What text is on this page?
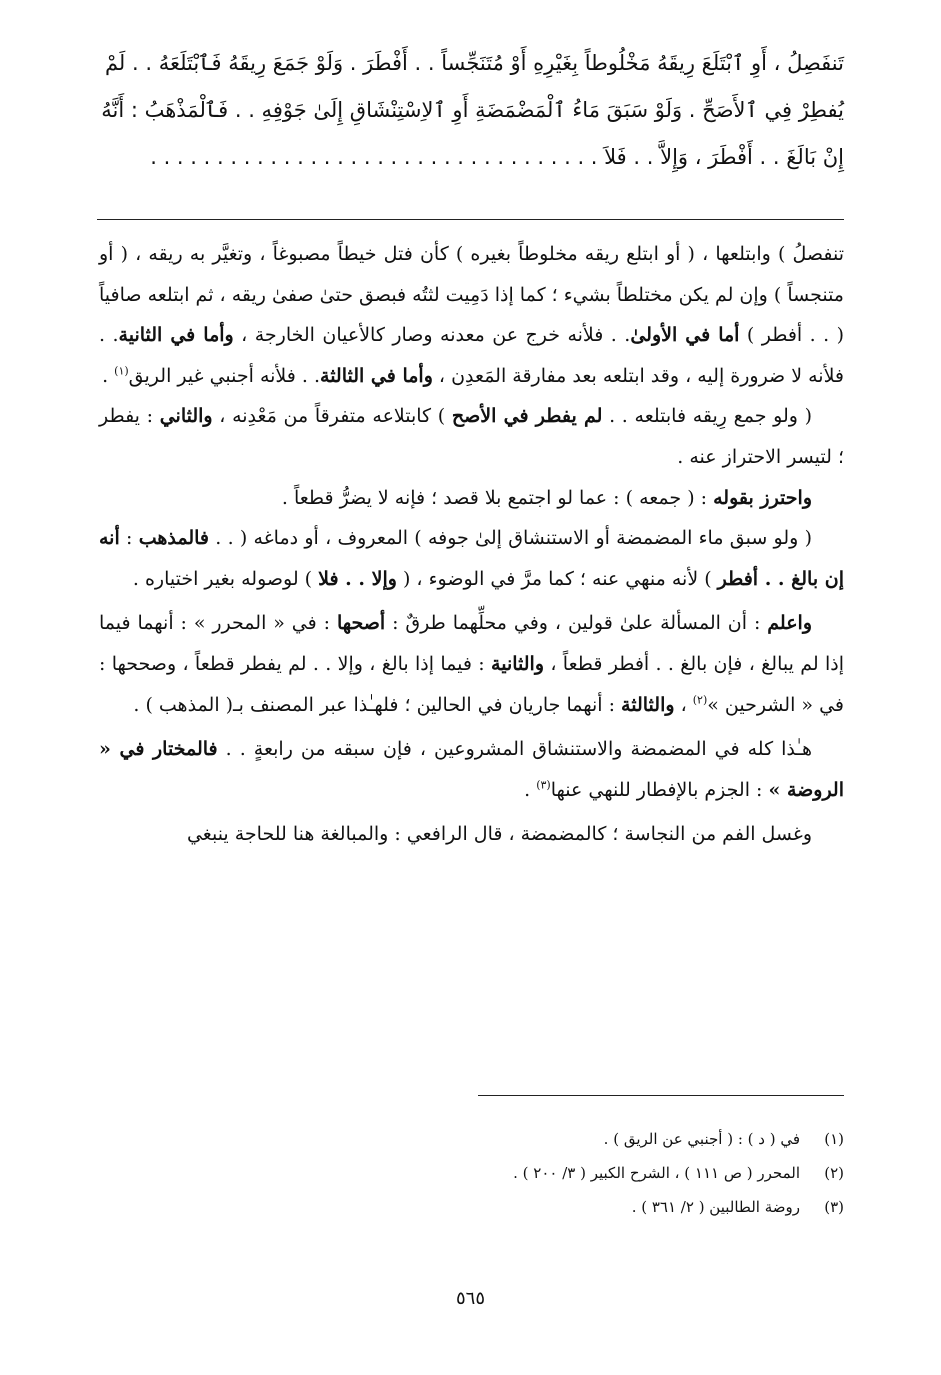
تَنفَصِلُ ، أَوِ ٱبْتَلَعَ رِيقَهُ مَخْلُوطاً بِغَيْرِهِ أَوْ مُتَنَجِّساً . . أَفْطَرَ . وَلَوْ جَمَعَ رِيقَهُ فَٱبْتَلَعَهُ . . لَمْ

يُفطِرْ فِي ٱلأَصَحِّ . وَلَوْ سَبَقَ مَاءُ ٱلْمَضْمَضَةِ أَوِ ٱلاِسْتِنْشَاقِ إِلَىٰ جَوْفِهِ . . فَٱلْمَذْهَبُ : أَنَّهُ

إِنْ بَالَغَ . . أَفْطَرَ ، وَإِلاَّ . . فَلاَ . . . . . . . . . . . . . . . . . . . . . . . . . . . . . . . . . .

تنفصلُ ) وابتلعها ، ( أو ابتلع ريقه مخلوطاً بغيره ) كأن فتل خيطاً مصبوغاً ، وتغيَّر به ريقه ، ( أو متنجساً ) وإن لم يكن مختلطاً بشيء ؛ كما إذا دَمِيت لثتُه فبصق حتىٰ صفىٰ ريقه ، ثم ابتلعه صافياً ( . . أفطر ) أما في الأولىٰ. . فلأنه خرج عن معدنه وصار كالأعيان الخارجة ، وأما في الثانية. . فلأنه لا ضرورة إليه ، وقد ابتلعه بعد مفارقة المَعدِن ، وأما في الثالثة. . فلأنه أجنبي غير الريق$^{(١)}$ .

( ولو جمع رِيقه فابتلعه . . لم يفطر في الأصح ) كابتلاعه متفرقاً من مَعْدِنه ، والثاني : يفطر ؛ لتيسر الاحتراز عنه .

واحترز بقوله : ( جمعه ) : عما لو اجتمع بلا قصد ؛ فإنه لا يضرُّ قطعاً .

( ولو سبق ماء المضمضة أو الاستنشاق إلىٰ جوفه ) المعروف ، أو دماغه ( . . فالمذهب : أنه إن بالغ . . أفطر ) لأنه منهي عنه ؛ كما مرَّ في الوضوء ، ( وإلا . . فلا ) لوصوله بغير اختياره .

واعلم : أن المسألة علىٰ قولين ، وفي محلِّهما طرقٌ : أصحها : في « المحرر » : أنهما فيما إذا لم يبالغ ، فإن بالغ . . أفطر قطعاً ، والثانية : فيما إذا بالغ ، وإلا . . لم يفطر قطعاً ، وصححها : في « الشرحين »$^{(٢)}$ ، والثالثة : أنهما جاريان في الحالين ؛ فلهـٰذا عبر المصنف بـ( المذهب ) .

هـٰذا كله في المضمضة والاستنشاق المشروعين ، فإن سبقه من رابعةٍ . . فالمختار في « الروضة » : الجزم بالإفطار للنهي عنها$^{(٣)}$ .

وغسل الفم من النجاسة ؛ كالمضمضة ، قال الرافعي : والمبالغة هنا للحاجة ينبغي

(١)في ( د ) : ( أجنبي عن الريق ) .
(٢)المحرر ( ص ١١١ ) ، الشرح الكبير ( ٣/ ٢٠٠ ) .
(٣)روضة الطالبين ( ٢/ ٣٦١ ) .
٥٦٥
